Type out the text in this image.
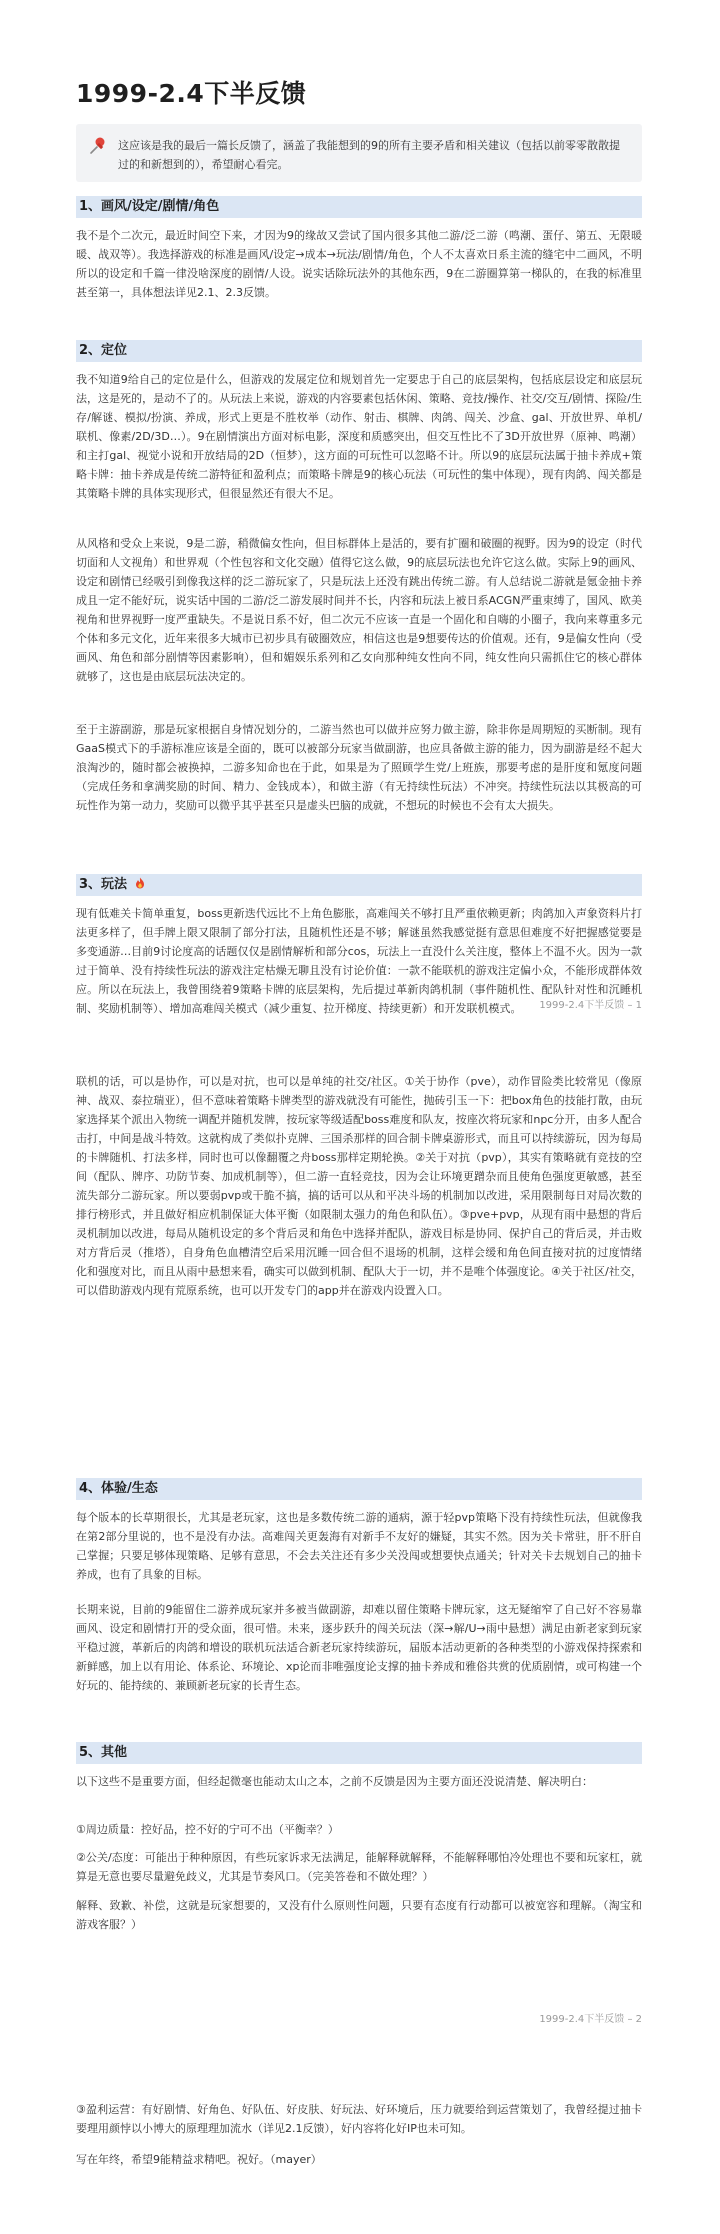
1999-2.4下半反馈
这应该是我的最后一篇长反馈了，涵盖了我能想到的9的所有主要矛盾和相关建议（包括以前零零散散提过的和新想到的），希望耐心看完。
1、画风/设定/剧情/角色

我不是个二次元，最近时间空下来，才因为9的缘故又尝试了国内很多其他二游/泛二游（鸣潮、蛋仔、第五、无限暖暖、战双等）。我选择游戏的标准是画风/设定→成本→玩法/剧情/角色，个人不太喜欢日系主流的缝宅中二画风，不明所以的设定和千篇一律没啥深度的剧情/人设。说实话除玩法外的其他东西，9在二游圈算第一梯队的，在我的标准里甚至第一，具体想法详见2.1、2.3反馈。

2、定位

我不知道9给自己的定位是什么，但游戏的发展定位和规划首先一定要忠于自己的底层架构，包括底层设定和底层玩法，这是死的，是动不了的。从玩法上来说，游戏的内容要素包括休闲、策略、竞技/操作、社交/交互/剧情、探险/生存/解谜、模拟/扮演、养成，形式上更是不胜枚举（动作、射击、棋牌、肉鸽、闯关、沙盒、gal、开放世界、单机/联机、像素/2D/3D…）。9在剧情演出方面对标电影，深度和质感突出，但交互性比不了3D开放世界（原神、鸣潮）和主打gal、视觉小说和开放结局的2D（恒梦），这方面的可玩性可以忽略不计。所以9的底层玩法属于抽卡养成+策略卡牌：抽卡养成是传统二游特征和盈利点；而策略卡牌是9的核心玩法（可玩性的集中体现），现有肉鸽、闯关都是其策略卡牌的具体实现形式，但很显然还有很大不足。

从风格和受众上来说，9是二游，稍微偏女性向，但目标群体上是活的，要有扩圈和破圈的视野。因为9的设定（时代切面和人文视角）和世界观（个性包容和文化交融）值得它这么做，9的底层玩法也允许它这么做。实际上9的画风、设定和剧情已经吸引到像我这样的泛二游玩家了，只是玩法上还没有跳出传统二游。有人总结说二游就是氪金抽卡养成且一定不能好玩，说实话中国的二游/泛二游发展时间并不长，内容和玩法上被日系ACGN严重束缚了，国风、欧美视角和世界视野一度严重缺失。不是说日系不好，但二次元不应该一直是一个固化和自嗨的小圈子，我向来尊重多元个体和多元文化，近年来很多大城市已初步具有破圈效应，相信这也是9想要传达的价值观。还有，9是偏女性向（受画风、角色和部分剧情等因素影响），但和媚娱乐系列和乙女向那种纯女性向不同，纯女性向只需抓住它的核心群体就够了，这也是由底层玩法决定的。

至于主游副游，那是玩家根据自身情况划分的，二游当然也可以做并应努力做主游，除非你是周期短的买断制。现有GaaS模式下的手游标准应该是全面的，既可以被部分玩家当做副游，也应具备做主游的能力，因为副游是经不起大浪淘沙的，随时都会被换掉，二游多知命也在于此，如果是为了照顾学生党/上班族，那要考虑的是肝度和氪度问题（完成任务和拿满奖励的时间、精力、金钱成本），和做主游（有无持续性玩法）不冲突。持续性玩法以其极高的可玩性作为第一动力，奖励可以微乎其乎甚至只是虚头巴脑的成就，不想玩的时候也不会有太大损失。

3、玩法

现有低难关卡简单重复，boss更新迭代远比不上角色膨胀，高难闯关不够打且严重依赖更新；肉鸽加入声象资料片打法更多样了，但手牌上限又限制了部分打法，且随机性还是不够；解谜虽然我感觉挺有意思但难度不好把握感觉要是多变通游…目前9讨论度高的话题仅仅是剧情解析和部分cos，玩法上一直没什么关注度，整体上不温不火。因为一款过于简单、没有持续性玩法的游戏注定枯燥无聊且没有讨论价值：一款不能联机的游戏注定偏小众，不能形成群体效应。所以在玩法上，我曾围绕着9策略卡牌的底层架构，先后提过革新肉鸽机制（事件随机性、配队针对性和沉睡机制、奖励机制等）、增加高难闯关模式（减少重复、拉开梯度、持续更新）和开发联机模式。	1999-2.4下半反馈 – 1

联机的话，可以是协作，可以是对抗，也可以是单纯的社交/社区。①关于协作（pve），动作冒险类比较常见（像原神、战双、泰拉瑞亚），但不意味着策略卡牌类型的游戏就没有可能性，抛砖引玉一下：把box角色的技能打散，由玩家选择某个派出入物统一调配并随机发牌，按玩家等级适配boss难度和队友，按座次将玩家和npc分开，由多人配合击打，中间是战斗特效。这就构成了类似扑克牌、三国杀那样的回合制卡牌桌游形式，而且可以持续游玩，因为每局的卡牌随机、打法多样，同时也可以像翻覆之舟boss那样定期轮换。②关于对抗（pvp），其实有策略就有竞技的空间（配队、牌序、功防节奏、加成机制等），但二游一直轻竞技，因为会让环境更蹭杂而且使角色强度更敏感，甚至流失部分二游玩家。所以要弱pvp或干脆不搞，搞的话可以从和平决斗场的机制加以改进，采用限制每日对局次数的排行榜形式，并且做好相应机制保证大体平衡（如限制太强力的角色和队伍）。③pve+pvp，从现有雨中悬想的背后灵机制加以改进，每局从随机设定的多个背后灵和角色中选择并配队，游戏目标是协同、保护自己的背后灵，并击败对方背后灵（推塔），自身角色血槽清空后采用沉睡一回合但不退场的机制，这样会缓和角色间直接对抗的过度情绪化和强度对比，而且从雨中悬想来看，确实可以做到机制、配队大于一切，并不是唯个体强度论。④关于社区/社交，可以借助游戏内现有荒原系统，也可以开发专门的app并在游戏内设置入口。

4、体验/生态

每个版本的长草期很长，尤其是老玩家，这也是多数传统二游的通病，源于轻pvp策略下没有持续性玩法，但就像我在第2部分里说的，也不是没有办法。高难闯关更轰海有对新手不友好的嫌疑，其实不然。因为关卡常驻，肝不肝自己掌握；只要足够体现策略、足够有意思，不会去关注还有多少关没闯或想要快点通关；针对关卡去规划自己的抽卡养成，也有了具象的目标。

长期来说，目前的9能留住二游养成玩家并多被当做副游，却难以留住策略卡牌玩家，这无疑缩窄了自己好不容易靠画风、设定和剧情打开的受众面，很可惜。未来，逐步跃升的闯关玩法（深→解/U→雨中悬想）满足由新老家到玩家平稳过渡，革新后的肉鸽和增设的联机玩法适合新老玩家持续游玩，届版本活动更新的各种类型的小游戏保持探索和新鲜感，加上以有用论、体系论、环境论、xp论而非唯强度论支撑的抽卡养成和雅俗共赏的优质剧情，或可构建一个好玩的、能持续的、兼顾新老玩家的长青生态。

5、其他

以下这些不是重要方面，但经起微毫也能动太山之本，之前不反馈是因为主要方面还没说清楚、解决明白：

①周边质量：控好品，控不好的宁可不出（平衡幸？）

②公关/态度：可能出于种种原因，有些玩家诉求无法满足，能解释就解释，不能解释哪怕冷处理也不要和玩家杠，就算是无意也要尽量避免歧义，尤其是节奏风口。（完美答卷和不做处理？）

解释、致歉、补偿，这就是玩家想要的，又没有什么原则性问题，只要有态度有行动都可以被宽容和理解。（淘宝和游戏客服？）

1999-2.4下半反馈 – 2

③盈利运营：有好剧情、好角色、好队伍、好皮肤、好玩法、好环境后，压力就要给到运营策划了，我曾经提过抽卡要理用颜悖以小博大的原理理加流水（详见2.1反馈），好内容将化好IP也未可知。

写在年终，希望9能精益求精吧。祝好。（mayer）
